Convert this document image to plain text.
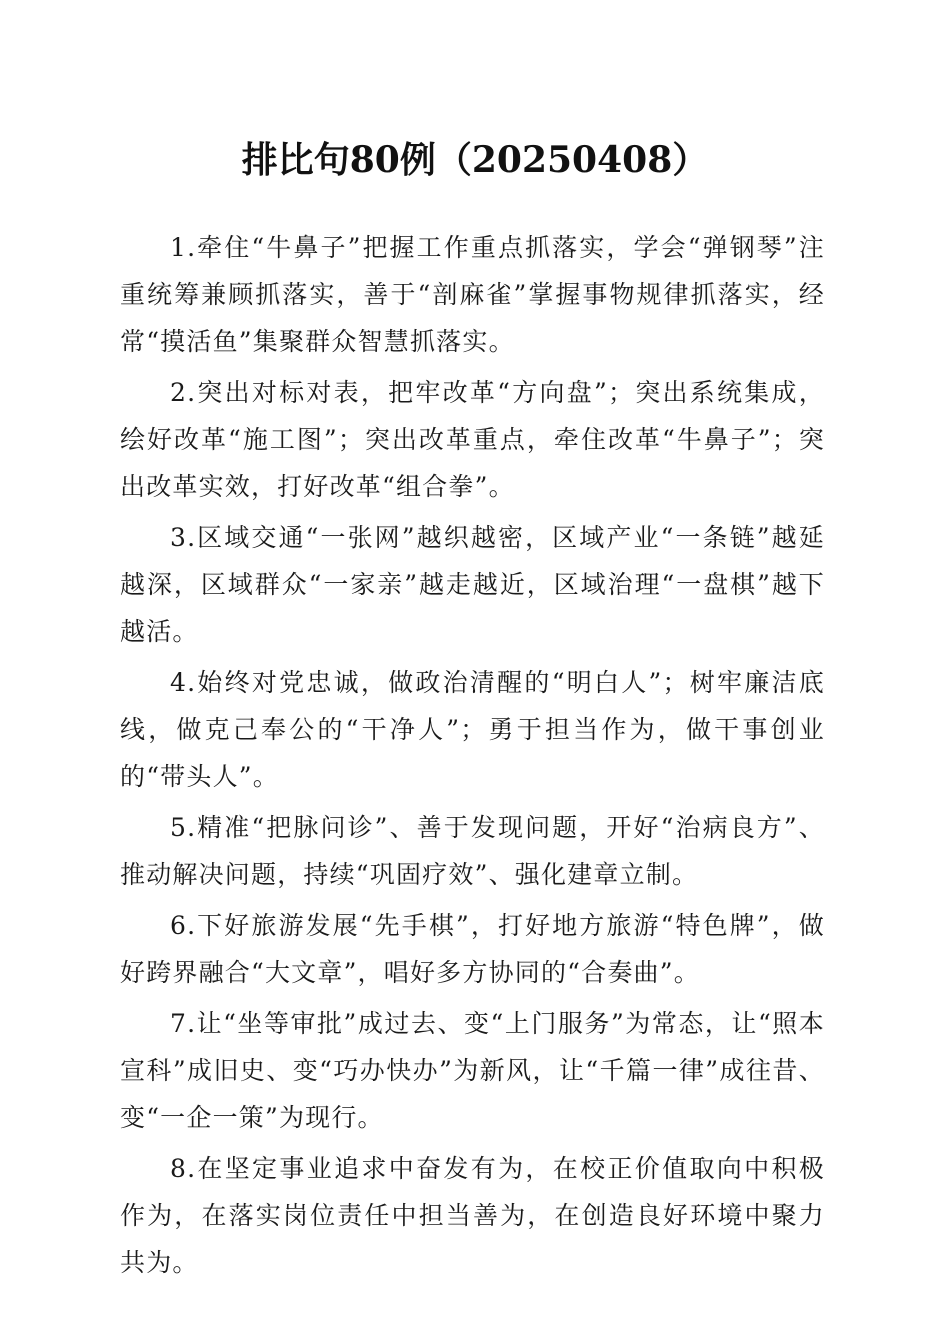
排比句80例（20250408）

1.牵住“牛鼻子”把握工作重点抓落实，学会“弹钢琴”注重统筹兼顾抓落实，善于“剖麻雀”掌握事物规律抓落实，经常“摸活鱼”集聚群众智慧抓落实。

2.突出对标对表，把牢改革“方向盘”；突出系统集成，绘好改革“施工图”；突出改革重点，牵住改革“牛鼻子”；突出改革实效，打好改革“组合拳”。

3.区域交通“一张网”越织越密，区域产业“一条链”越延越深，区域群众“一家亲”越走越近，区域治理“一盘棋”越下越活。

4.始终对党忠诚，做政治清醒的“明白人”；树牢廉洁底线，做克己奉公的“干净人”；勇于担当作为，做干事创业的“带头人”。

5.精准“把脉问诊”、善于发现问题，开好“治病良方”、推动解决问题，持续“巩固疗效”、强化建章立制。

6.下好旅游发展“先手棋”，打好地方旅游“特色牌”，做好跨界融合“大文章”，唱好多方协同的“合奏曲”。

7.让“坐等审批”成过去、变“上门服务”为常态，让“照本宣科”成旧史、变“巧办快办”为新风，让“千篇一律”成往昔、变“一企一策”为现行。

8.在坚定事业追求中奋发有为，在校正价值取向中积极作为，在落实岗位责任中担当善为，在创造良好环境中聚力共为。
